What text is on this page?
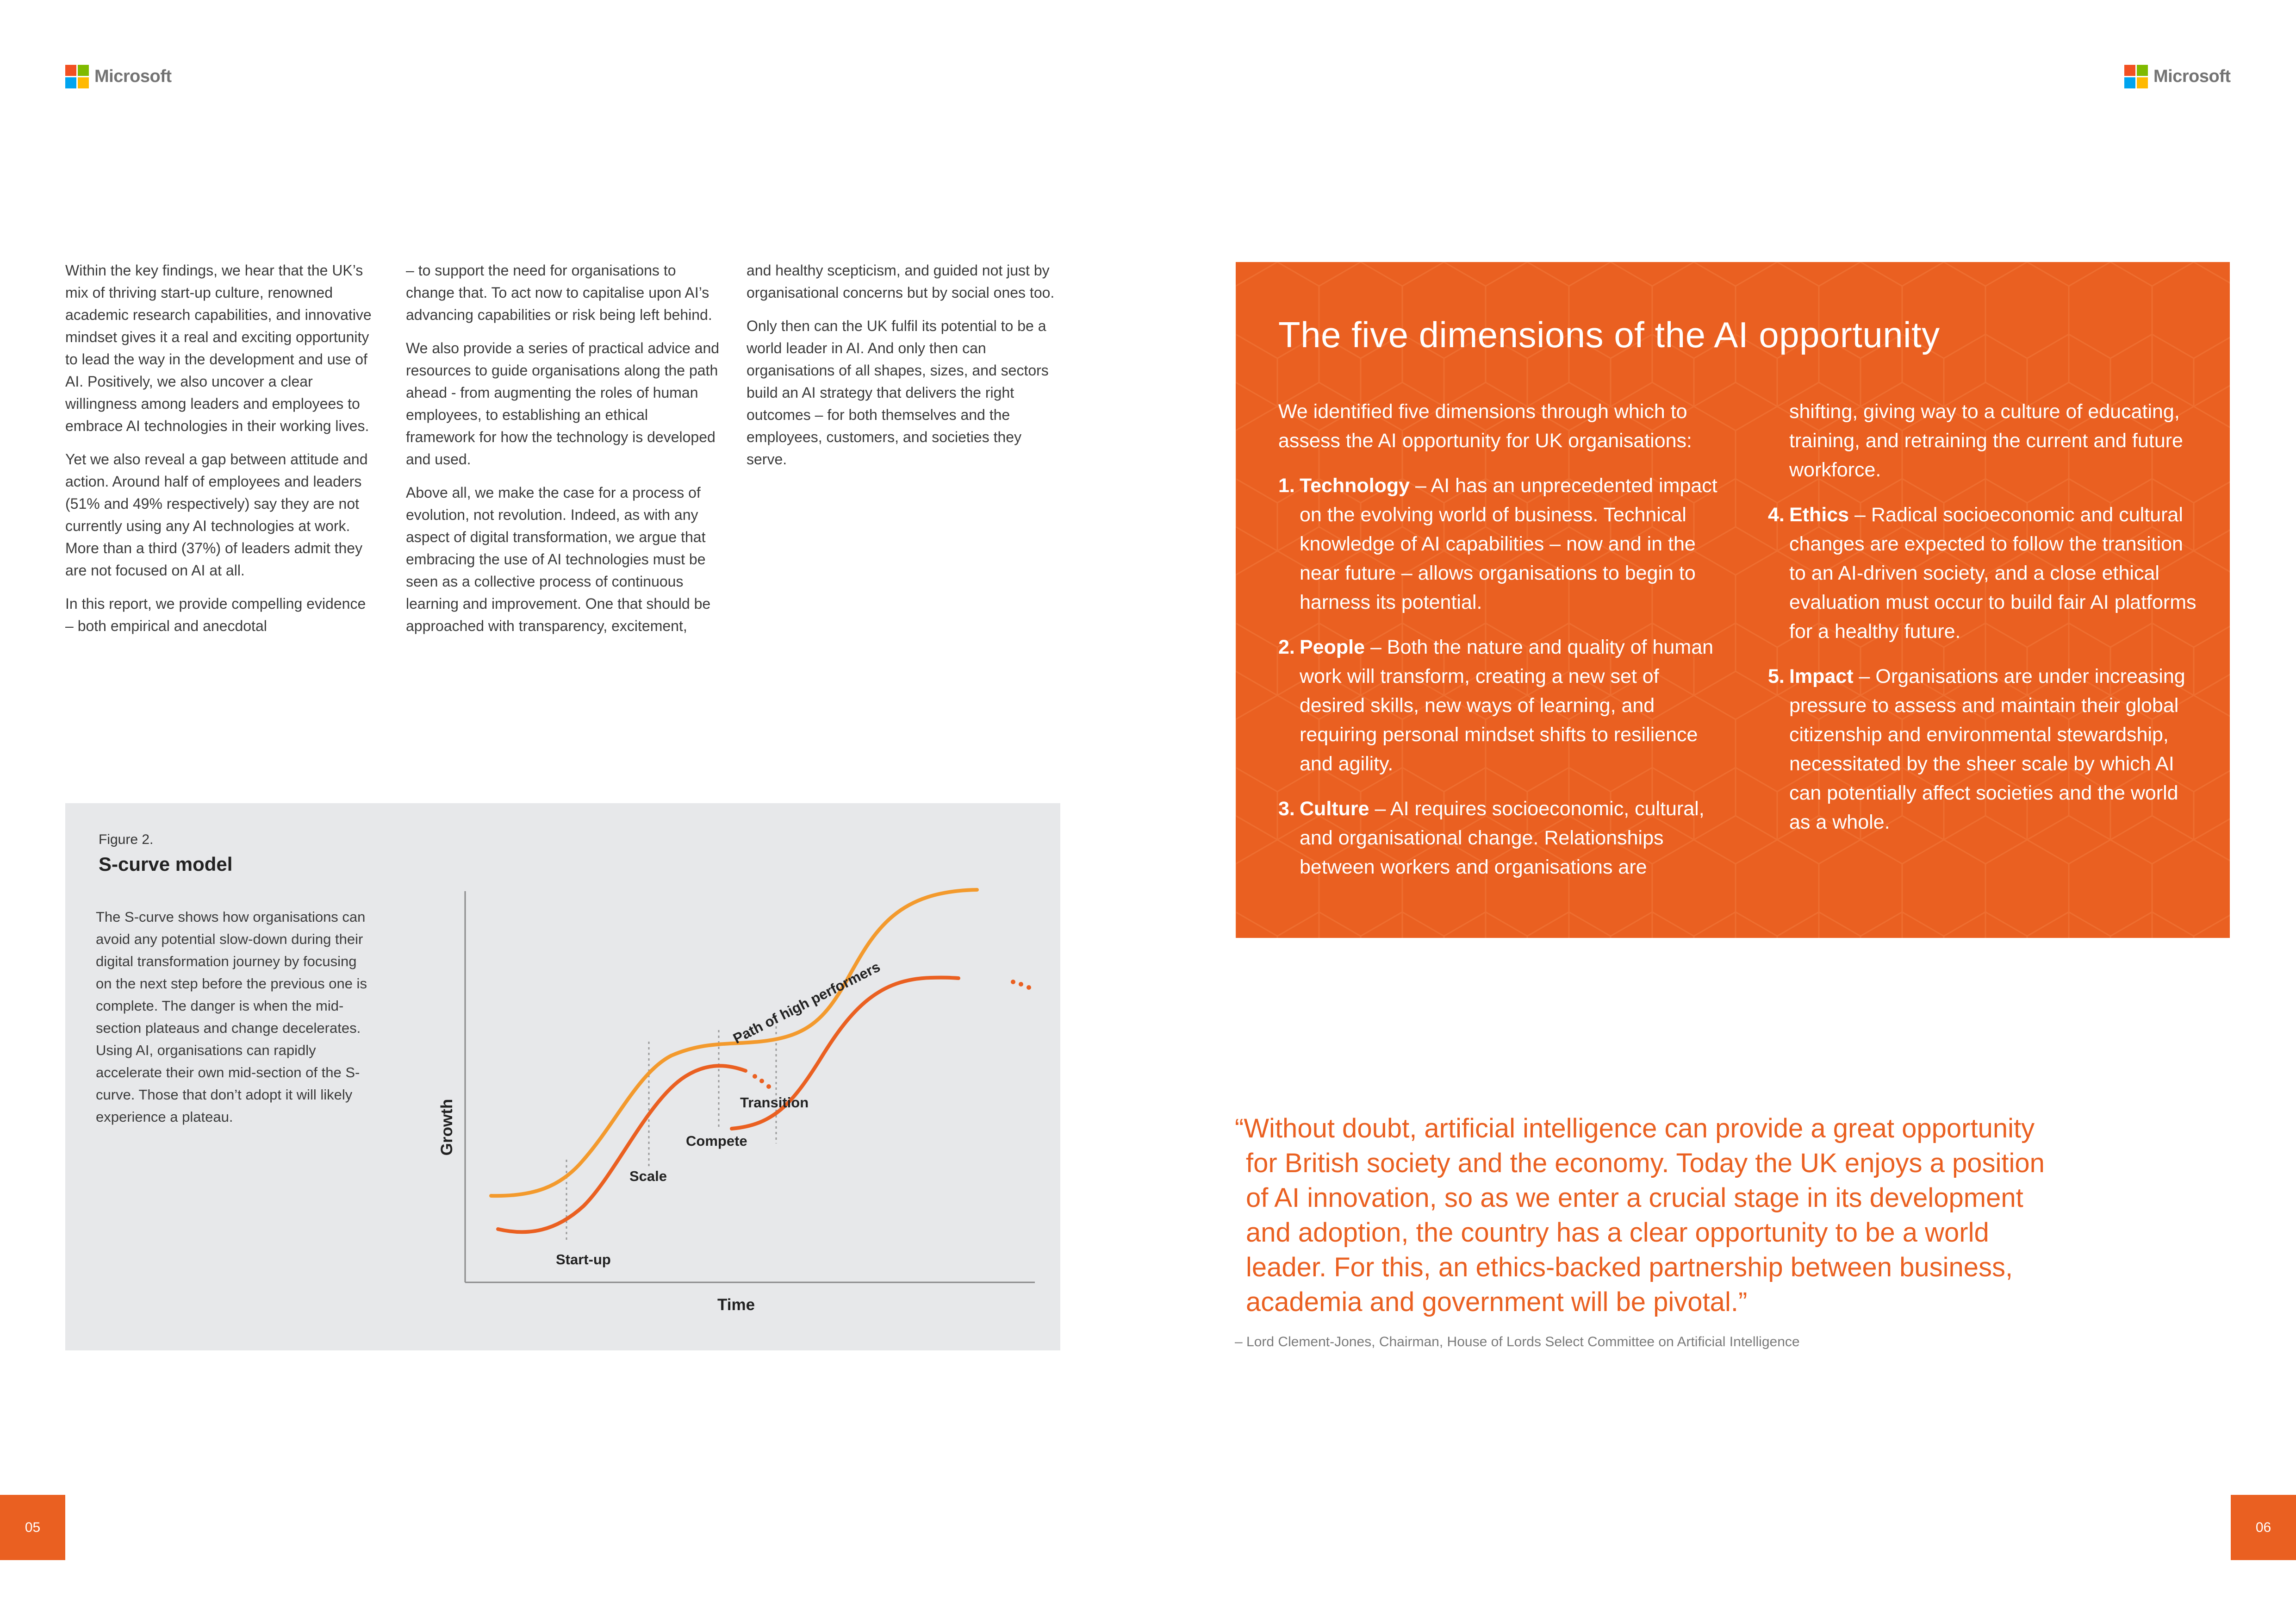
Microsoft	Microsoft

Within the key findings, we hear that the UK’s mix of thriving start-up culture, renowned academic research capabilities, and innovative mindset gives it a real and exciting opportunity to lead the way in the development and use of AI. Positively, we also uncover a clear willingness among leaders and employees to embrace AI technologies in their working lives.

Yet we also reveal a gap between attitude and action. Around half of employees and leaders (51% and 49% respectively) say they are not currently using any AI technologies at work. More than a third (37%) of leaders admit they are not focused on AI at all.

In this report, we provide compelling evidence – both empirical and anecdotal

– to support the need for organisations to change that. To act now to capitalise upon AI’s advancing capabilities or risk being left behind.

We also provide a series of practical advice and resources to guide organisations along the path ahead - from augmenting the roles of human employees, to establishing an ethical framework for how the technology is developed and used.

Above all, we make the case for a process of evolution, not revolution. Indeed, as with any aspect of digital transformation, we argue that embracing the use of AI technologies must be seen as a collective process of continuous learning and improvement. One that should be approached with transparency, excitement,

and healthy scepticism, and guided not just by organisational concerns but by social ones too.

Only then can the UK fulfil its potential to be a world leader in AI. And only then can organisations of all shapes, sizes, and sectors build an AI strategy that delivers the right outcomes – for both themselves and the employees, customers, and societies they serve.

Figure 2.
S-curve model
The S-curve shows how organisations can avoid any potential slow-down during their digital transformation journey by focusing on the next step before the previous one is complete. The danger is when the mid-section plateaus and change decelerates. Using AI, organisations can rapidly accelerate their own mid-section of the S-curve. Those that don’t adopt it will likely experience a plateau.
Path of high performers
Start-up
Scale
Compete
Transition
Time
Growth
The five dimensions of the AI opportunity

We identified five dimensions through which to assess the AI opportunity for UK organisations:

1. Technology – AI has an unprecedented impact on the evolving world of business. Technical knowledge of AI capabilities – now and in the near future – allows organisations to begin to harness its potential.
2. People – Both the nature and quality of human work will transform, creating a new set of desired skills, new ways of learning, and requiring personal mindset shifts to resilience and agility.
3. Culture – AI requires socioeconomic, cultural, and organisational change. Relationships between workers and organisations are
shifting, giving way to a culture of educating, training, and retraining the current and future workforce.
4. Ethics – Radical socioeconomic and cultural changes are expected to follow the transition to an AI-driven society, and a close ethical evaluation must occur to build fair AI platforms for a healthy future.
5. Impact – Organisations are under increasing pressure to assess and maintain their global citizenship and environmental stewardship, necessitated by the sheer scale by which AI can potentially affect societies and the world as a whole.
“Without doubt, artificial intelligence can provide a great opportunity
for British society and the economy. Today the UK enjoys a position
of AI innovation, so as we enter a crucial stage in its development
and adoption, the country has a clear opportunity to be a world
leader. For this, an ethics-backed partnership between business,
academia and government will be pivotal.”
– Lord Clement-Jones, Chairman, House of Lords Select Committee on Artificial Intelligence
05	06
